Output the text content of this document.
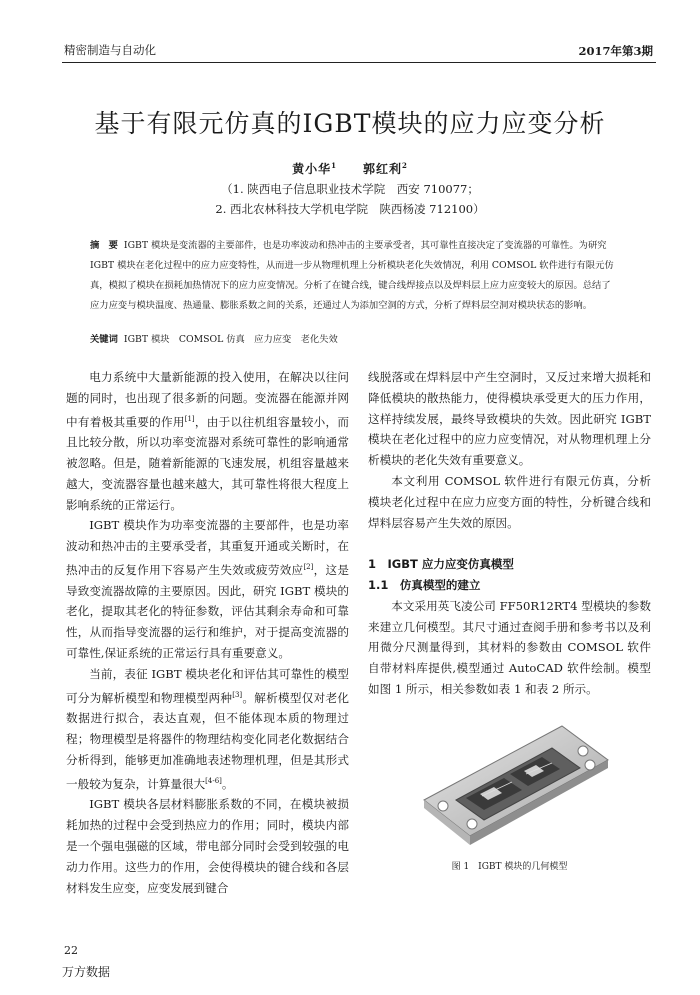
精密制造与自动化	2017年第3期
基于有限元仿真的IGBT模块的应力应变分析
黄小华$^1$ 郭红利$^2$
（1. 陕西电子信息职业技术学院　西安 710077；
2. 西北农林科技大学机电学院　陕西杨凌 712100）
摘　要 IGBT 模块是变流器的主要部件，也是功率波动和热冲击的主要承受者，其可靠性直接决定了变流器的可靠性。为研究 IGBT 模块在老化过程中的应力应变特性，从而进一步从物理机理上分析模块老化失效情况，利用 COMSOL 软件进行有限元仿真，模拟了模块在损耗加热情况下的应力应变情况。分析了在键合线，键合线焊接点以及焊料层上应力应变较大的原因。总结了应力应变与模块温度、热通量、膨胀系数之间的关系，还通过人为添加空洞的方式，分析了焊料层空洞对模块状态的影响。
关键词 IGBT 模块　COMSOL 仿真　应力应变　老化失效

电力系统中大量新能源的投入使用，在解决以往问题的同时，也出现了很多新的问题。变流器在能源并网中有着极其重要的作用[1]，由于以往机组容量较小，而且比较分散，所以功率变流器对系统可靠性的影响通常被忽略。但是，随着新能源的飞速发展，机组容量越来越大，变流器容量也越来越大，其可靠性将很大程度上影响系统的正常运行。

IGBT 模块作为功率变流器的主要部件，也是功率波动和热冲击的主要承受者，其重复开通或关断时，在热冲击的反复作用下容易产生失效或疲劳效应[2]，这是导致变流器故障的主要原因。因此，研究 IGBT 模块的老化，提取其老化的特征参数，评估其剩余寿命和可靠性，从而指导变流器的运行和维护，对于提高变流器的可靠性,保证系统的正常运行具有重要意义。

当前，表征 IGBT 模块老化和评估其可靠性的模型可分为解析模型和物理模型两种[3]。解析模型仅对老化数据进行拟合，表达直观，但不能体现本质的物理过程；物理模型是将器件的物理结构变化同老化数据结合分析得到，能够更加准确地表述物理机理，但是其形式一般较为复杂，计算量很大[4-6]。

IGBT 模块各层材料膨胀系数的不同，在模块被损耗加热的过程中会受到热应力的作用；同时，模块内部是一个强电强磁的区域，带电部分同时会受到较强的电动力作用。这些力的作用，会使得模块的键合线和各层材料发生应变，应变发展到键合

线脱落或在焊料层中产生空洞时，又反过来增大损耗和降低模块的散热能力，使得模块承受更大的压力作用，这样持续发展，最终导致模块的失效。因此研究 IGBT 模块在老化过程中的应力应变情况，对从物理机理上分析模块的老化失效有重要意义。

本文利用 COMSOL 软件进行有限元仿真，分析模块老化过程中在应力应变方面的特性，分析键合线和焊料层容易产生失效的原因。

1　IGBT 应力应变仿真模型
1.1　仿真模型的建立

本文采用英飞凌公司 FF50R12RT4 型模块的参数来建立几何模型。其尺寸通过查阅手册和参考书以及利用微分尺测量得到，其材料的参数由 COMSOL 软件自带材料库提供,模型通过 AutoCAD 软件绘制。模型如图 1 所示，相关参数如表 1 和表 2 所示。

图 1　IGBT 模块的几何模型
22
万方数据
